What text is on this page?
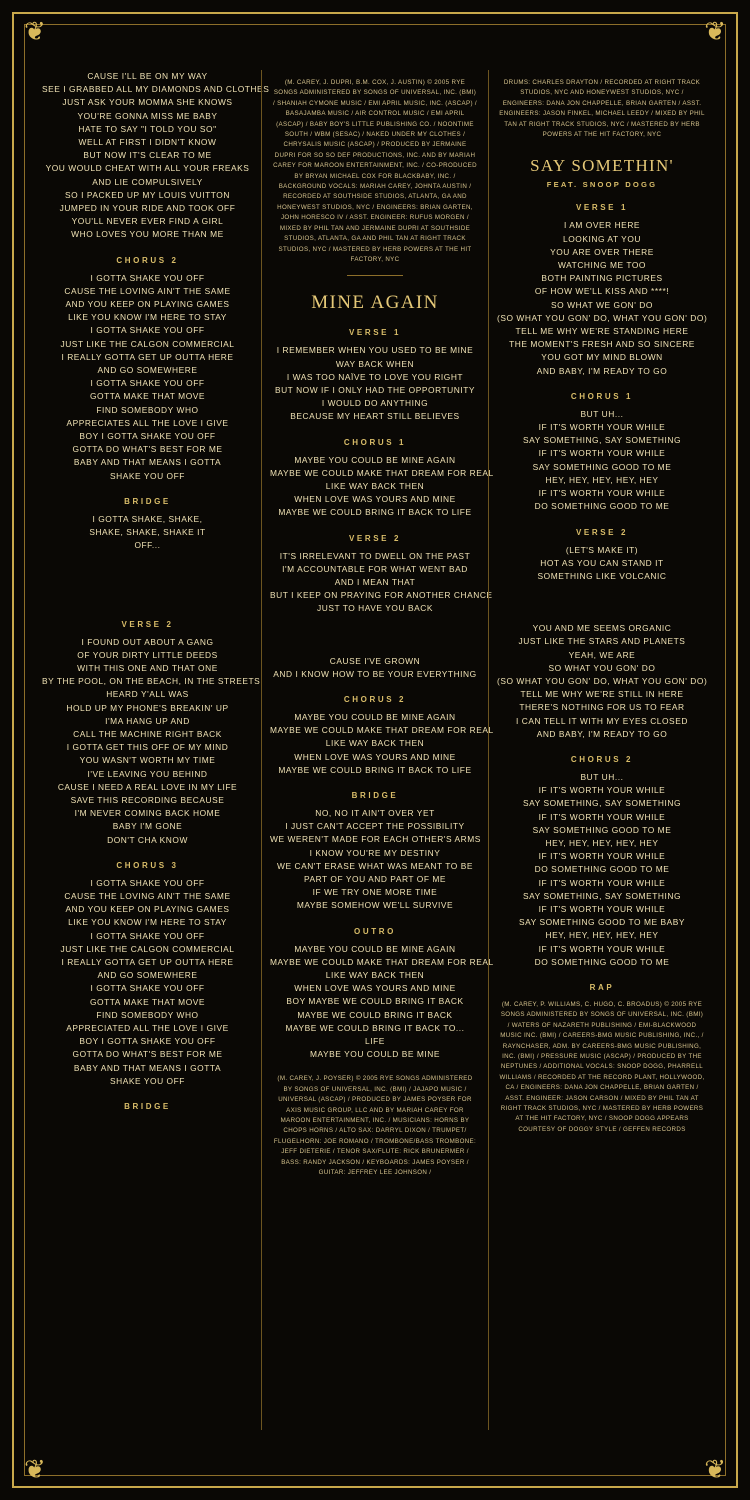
❦	❦
❦	❦
CAUSE I'LL BE ON MY WAY
SEE I GRABBED ALL MY DIAMONDS AND CLOTHES
JUST ASK YOUR MOMMA SHE KNOWS
YOU'RE GONNA MISS ME BABY
HATE TO SAY "I TOLD YOU SO"
WELL AT FIRST I DIDN'T KNOW
BUT NOW IT'S CLEAR TO ME
YOU WOULD CHEAT WITH ALL YOUR FREAKS
AND LIE COMPULSIVELY
SO I PACKED UP MY LOUIS VUITTON
JUMPED IN YOUR RIDE AND TOOK OFF
YOU'LL NEVER EVER FIND A GIRL
WHO LOVES YOU MORE THAN ME
CHORUS 2
I GOTTA SHAKE YOU OFF
CAUSE THE LOVING AIN'T THE SAME
AND YOU KEEP ON PLAYING GAMES
LIKE YOU KNOW I'M HERE TO STAY
I GOTTA SHAKE YOU OFF
JUST LIKE THE CALGON COMMERCIAL
I REALLY GOTTA GET UP OUTTA HERE
AND GO SOMEWHERE
I GOTTA SHAKE YOU OFF
GOTTA MAKE THAT MOVE
FIND SOMEBODY WHO
APPRECIATES ALL THE LOVE I GIVE
BOY I GOTTA SHAKE YOU OFF
GOTTA DO WHAT'S BEST FOR ME
BABY AND THAT MEANS I GOTTA
SHAKE YOU OFF
BRIDGE
I GOTTA SHAKE, SHAKE,
SHAKE, SHAKE, SHAKE IT
OFF...
VERSE 2
I FOUND OUT ABOUT A GANG
OF YOUR DIRTY LITTLE DEEDS
WITH THIS ONE AND THAT ONE
BY THE POOL, ON THE BEACH, IN THE STREETS
HEARD Y'ALL WAS
HOLD UP MY PHONE'S BREAKIN' UP
I'MA HANG UP AND
CALL THE MACHINE RIGHT BACK
I GOTTA GET THIS OFF OF MY MIND
YOU WASN'T WORTH MY TIME
I'VE LEAVING YOU BEHIND
CAUSE I NEED A REAL LOVE IN MY LIFE
SAVE THIS RECORDING BECAUSE
I'M NEVER COMING BACK HOME
BABY I'M GONE
DON'T CHA KNOW
CHORUS 3
I GOTTA SHAKE YOU OFF
CAUSE THE LOVING AIN'T THE SAME
AND YOU KEEP ON PLAYING GAMES
LIKE YOU KNOW I'M HERE TO STAY
I GOTTA SHAKE YOU OFF
JUST LIKE THE CALGON COMMERCIAL
I REALLY GOTTA GET UP OUTTA HERE
AND GO SOMEWHERE
I GOTTA SHAKE YOU OFF
GOTTA MAKE THAT MOVE
FIND SOMEBODY WHO
APPRECIATED ALL THE LOVE I GIVE
BOY I GOTTA SHAKE YOU OFF
GOTTA DO WHAT'S BEST FOR ME
BABY AND THAT MEANS I GOTTA
SHAKE YOU OFF
BRIDGE
(M. CAREY, J. DUPRI, B.M. COX, J. AUSTIN) © 2005 RYE SONGS ADMINISTERED BY SONGS OF UNIVERSAL, INC. (BMI) / SHANIAH CYMONE MUSIC / EMI APRIL MUSIC, INC. (ASCAP) / BASAJAMBA MUSIC / AIR CONTROL MUSIC / EMI APRIL (ASCAP) / BABY BOY'S LITTLE PUBLISHING CO. / NOONTIME SOUTH / WBM (SESAC) / NAKED UNDER MY CLOTHES / CHRYSALIS MUSIC (ASCAP) / PRODUCED BY JERMAINE DUPRI FOR SO SO DEF PRODUCTIONS, INC. AND BY MARIAH CAREY FOR MAROON ENTERTAINMENT, INC. / CO-PRODUCED BY BRYAN MICHAEL COX FOR BLACKBABY, INC. / BACKGROUND VOCALS: MARIAH CAREY, JOHNTA AUSTIN / RECORDED AT SOUTHSIDE STUDIOS, ATLANTA, GA AND HONEYWEST STUDIOS, NYC / ENGINEERS: BRIAN GARTEN, JOHN HORESCO IV / ASST. ENGINEER: RUFUS MORGEN / MIXED BY PHIL TAN AND JERMAINE DUPRI AT SOUTHSIDE STUDIOS, ATLANTA, GA AND PHIL TAN AT RIGHT TRACK STUDIOS, NYC / MASTERED BY HERB POWERS AT THE HIT FACTORY, NYC
MINE AGAIN
VERSE 1
I REMEMBER WHEN YOU USED TO BE MINE
WAY BACK WHEN
I WAS TOO NAÏVE TO LOVE YOU RIGHT
BUT NOW IF I ONLY HAD THE OPPORTUNITY
I WOULD DO ANYTHING
BECAUSE MY HEART STILL BELIEVES
CHORUS 1
MAYBE YOU COULD BE MINE AGAIN
MAYBE WE COULD MAKE THAT DREAM FOR REAL
LIKE WAY BACK THEN
WHEN LOVE WAS YOURS AND MINE
MAYBE WE COULD BRING IT BACK TO LIFE
VERSE 2
IT'S IRRELEVANT TO DWELL ON THE PAST
I'M ACCOUNTABLE FOR WHAT WENT BAD
AND I MEAN THAT
BUT I KEEP ON PRAYING FOR ANOTHER CHANCE
JUST TO HAVE YOU BACK
CAUSE I'VE GROWN
AND I KNOW HOW TO BE YOUR EVERYTHING
CHORUS 2
MAYBE YOU COULD BE MINE AGAIN
MAYBE WE COULD MAKE THAT DREAM FOR REAL
LIKE WAY BACK THEN
WHEN LOVE WAS YOURS AND MINE
MAYBE WE COULD BRING IT BACK TO LIFE
BRIDGE
NO, NO IT AIN'T OVER YET
I JUST CAN'T ACCEPT THE POSSIBILITY
WE WEREN'T MADE FOR EACH OTHER'S ARMS
I KNOW YOU'RE MY DESTINY
WE CAN'T ERASE WHAT WAS MEANT TO BE
PART OF YOU AND PART OF ME
IF WE TRY ONE MORE TIME
MAYBE SOMEHOW WE'LL SURVIVE
OUTRO
MAYBE YOU COULD BE MINE AGAIN
MAYBE WE COULD MAKE THAT DREAM FOR REAL
LIKE WAY BACK THEN
WHEN LOVE WAS YOURS AND MINE
BOY MAYBE WE COULD BRING IT BACK
MAYBE WE COULD BRING IT BACK
MAYBE WE COULD BRING IT BACK TO...
LIFE
MAYBE YOU COULD BE MINE
(M. CAREY, J. POYSER) © 2005 RYE SONGS ADMINISTERED BY SONGS OF UNIVERSAL, INC. (BMI) / JAJAPO MUSIC / UNIVERSAL (ASCAP) / PRODUCED BY JAMES POYSER FOR AXIS MUSIC GROUP, LLC AND BY MARIAH CAREY FOR MAROON ENTERTAINMENT, INC. / MUSICIANS: HORNS BY CHOPS HORNS / ALTO SAX: DARRYL DIXON / TRUMPET/ FLUGELHORN: JOE ROMANO / TROMBONE/BASS TROMBONE: JEFF DIETERIE / TENOR SAX/FLUTE: RICK BRUNERMER / BASS: RANDY JACKSON / KEYBOARDS: JAMES POYSER / GUITAR: JEFFREY LEE JOHNSON /
DRUMS: CHARLES DRAYTON / RECORDED AT RIGHT TRACK STUDIOS, NYC AND HONEYWEST STUDIOS, NYC / ENGINEERS: DANA JON CHAPPELLE, BRIAN GARTEN / ASST. ENGINEERS: JASON FINKEL, MICHAEL LEEDY / MIXED BY PHIL TAN AT RIGHT TRACK STUDIOS, NYC / MASTERED BY HERB POWERS AT THE HIT FACTORY, NYC
SAY SOMETHIN'
FEAT. SNOOP DOGG
VERSE 1
I AM OVER HERE
LOOKING AT YOU
YOU ARE OVER THERE
WATCHING ME TOO
BOTH PAINTING PICTURES
OF HOW WE'LL KISS AND ****!
SO WHAT WE GON' DO
(SO WHAT YOU GON' DO, WHAT YOU GON' DO)
TELL ME WHY WE'RE STANDING HERE
THE MOMENT'S FRESH AND SO SINCERE
YOU GOT MY MIND BLOWN
AND BABY, I'M READY TO GO
CHORUS 1
BUT UH...
IF IT'S WORTH YOUR WHILE
SAY SOMETHING, SAY SOMETHING
IF IT'S WORTH YOUR WHILE
SAY SOMETHING GOOD TO ME
HEY, HEY, HEY, HEY, HEY
IF IT'S WORTH YOUR WHILE
DO SOMETHING GOOD TO ME
VERSE 2
(LET'S MAKE IT)
HOT AS YOU CAN STAND IT
SOMETHING LIKE VOLCANIC
YOU AND ME SEEMS ORGANIC
JUST LIKE THE STARS AND PLANETS
YEAH, WE ARE
SO WHAT YOU GON' DO
(SO WHAT YOU GON' DO, WHAT YOU GON' DO)
TELL ME WHY WE'RE STILL IN HERE
THERE'S NOTHING FOR US TO FEAR
I CAN TELL IT WITH MY EYES CLOSED
AND BABY, I'M READY TO GO
CHORUS 2
BUT UH...
IF IT'S WORTH YOUR WHILE
SAY SOMETHING, SAY SOMETHING
IF IT'S WORTH YOUR WHILE
SAY SOMETHING GOOD TO ME
HEY, HEY, HEY, HEY, HEY
IF IT'S WORTH YOUR WHILE
DO SOMETHING GOOD TO ME
IF IT'S WORTH YOUR WHILE
SAY SOMETHING, SAY SOMETHING
IF IT'S WORTH YOUR WHILE
SAY SOMETHING GOOD TO ME BABY
HEY, HEY, HEY, HEY, HEY
IF IT'S WORTH YOUR WHILE
DO SOMETHING GOOD TO ME
RAP
(M. CAREY, P. WILLIAMS, C. HUGO, C. BROADUS) © 2005 RYE SONGS ADMINISTERED BY SONGS OF UNIVERSAL, INC. (BMI) / WATERS OF NAZARETH PUBLISHING / EMI-BLACKWOOD MUSIC INC. (BMI) / CAREERS-BMG MUSIC PUBLISHING, INC., / RAYNCHASER, ADM. BY CAREERS-BMG MUSIC PUBLISHING, INC. (BMI) / PRESSURE MUSIC (ASCAP) / PRODUCED BY THE NEPTUNES / ADDITIONAL VOCALS: SNOOP DOGG, PHARRELL WILLIAMS / RECORDED AT THE RECORD PLANT, HOLLYWOOD, CA / ENGINEERS: DANA JON CHAPPELLE, BRIAN GARTEN / ASST. ENGINEER: JASON CARSON / MIXED BY PHIL TAN AT RIGHT TRACK STUDIOS, NYC / MASTERED BY HERB POWERS AT THE HIT FACTORY, NYC / SNOOP DOGG APPEARS COURTESY OF DOGGY STYLE / GEFFEN RECORDS
